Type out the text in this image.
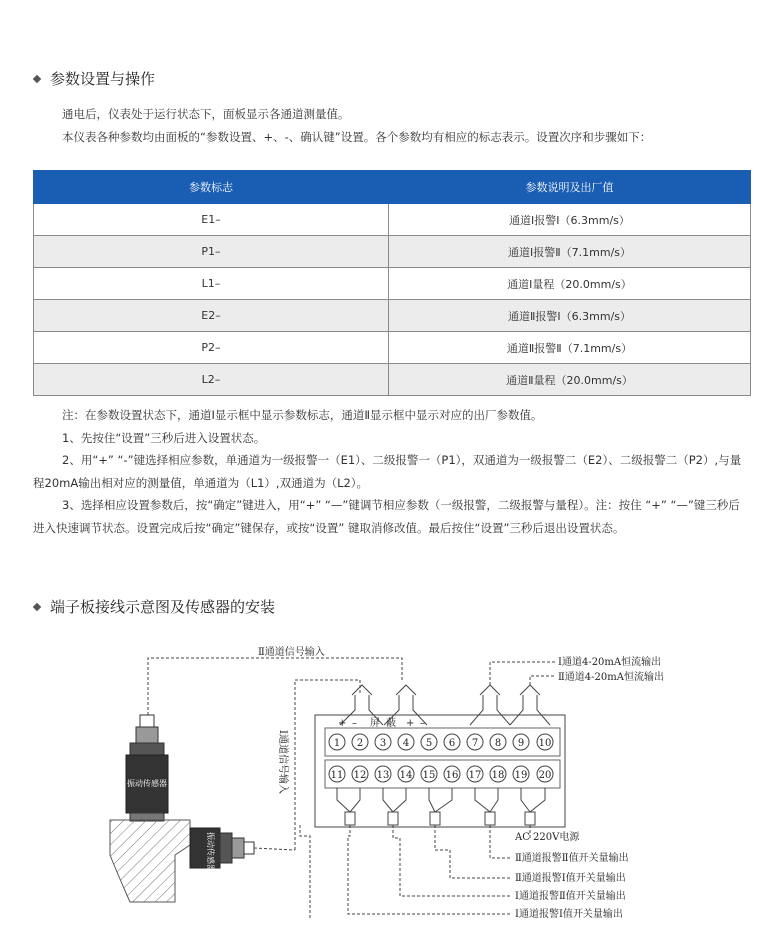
参数设置与操作
通电后，仪表处于运行状态下，面板显示各通道测量值。
本仪表各种参数均由面板的“参数设置、+、-、确认键”设置。各个参数均有相应的标志表示。设置次序和步骤如下：
参数标志	参数说明及出厂值
E1–	通道Ⅰ报警Ⅰ（6.3mm/s）
P1–	通道Ⅰ报警Ⅱ（7.1mm/s）
L1–	通道Ⅰ量程（20.0mm/s）
E2–	通道Ⅱ报警Ⅰ（6.3mm/s）
P2–	通道Ⅱ报警Ⅱ（7.1mm/s）
L2–	通道Ⅱ量程（20.0mm/s）

注：在参数设置状态下，通道Ⅰ显示框中显示参数标志，通道Ⅱ显示框中显示对应的出厂参数值。

1、先按住“设置”三秒后进入设置状态。

2、用“+” “-”键选择相应参数，单通道为一级报警一（E1）、二级报警一（P1），双通道为一级报警二（E2）、二级报警二（P2）,与量程20mA输出相对应的测量值，单通道为（L1）,双通道为（L2）。

3、选择相应设置参数后，按“确定”键进入，用“+” “—”键调节相应参数（一级报警，二级报警与量程）。注：按住 “+” “—”键三秒后进入快速调节状态。设置完成后按“确定”键保存，或按“设置” 键取消修改值。最后按住“设置”三秒后退出设置状态。

端子板接线示意图及传感器的安装
Ⅱ通道信号输入
Ⅰ通道信号输入
+ – 屏 蔽 + –
1 2 3 4 5 6 7 8 9 10
11 12 13 14 15 16 17 18 19 20
Ⅰ通道4-20mA恒流输出
Ⅱ通道4-20mA恒流输出
AC 220V电源
Ⅱ通道报警Ⅱ值开关量输出
Ⅱ通道报警Ⅰ值开关量输出
Ⅰ通道报警Ⅱ值开关量输出
Ⅰ通道报警Ⅰ值开关量输出
振动传感器
振动传感器
